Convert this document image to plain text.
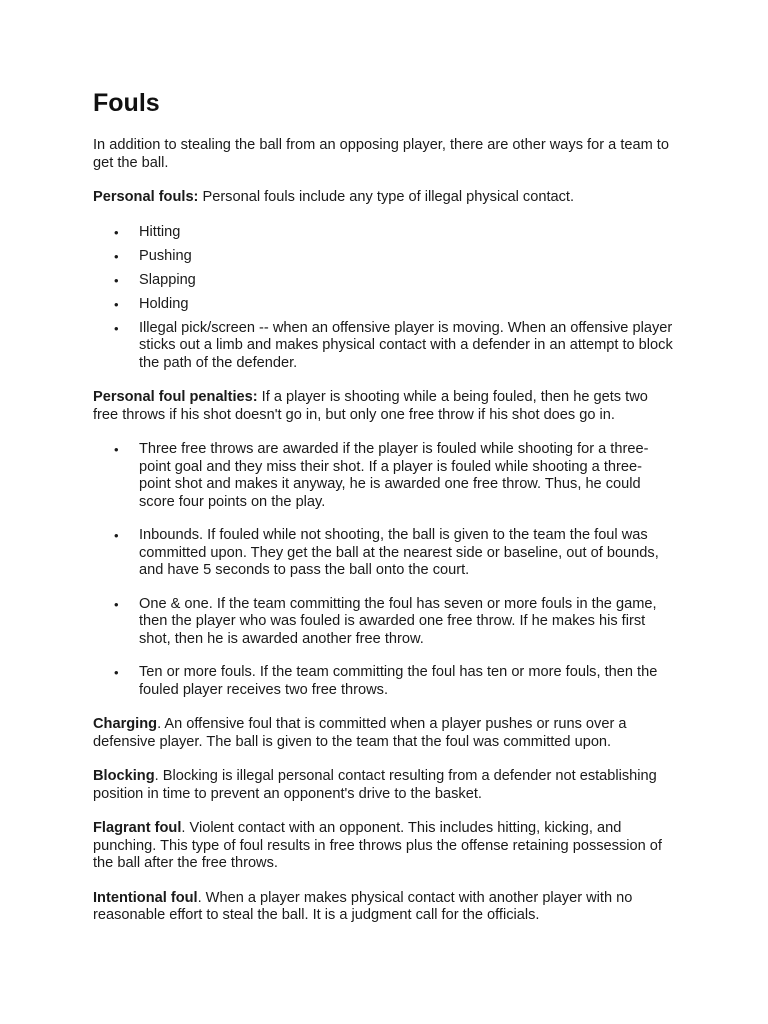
Fouls

In addition to stealing the ball from an opposing player, there are other ways for a team to get the ball.

Personal fouls: Personal fouls include any type of illegal physical contact.

• Hitting
• Pushing
• Slapping
• Holding
• Illegal pick/screen -- when an offensive player is moving. When an offensive player sticks out a limb and makes physical contact with a defender in an attempt to block the path of the defender.

Personal foul penalties: If a player is shooting while a being fouled, then he gets two free throws if his shot doesn't go in, but only one free throw if his shot does go in.

• Three free throws are awarded if the player is fouled while shooting for a three-point goal and they miss their shot. If a player is fouled while shooting a three-point shot and makes it anyway, he is awarded one free throw. Thus, he could score four points on the play.
• Inbounds. If fouled while not shooting, the ball is given to the team the foul was committed upon. They get the ball at the nearest side or baseline, out of bounds, and have 5 seconds to pass the ball onto the court.
• One & one. If the team committing the foul has seven or more fouls in the game, then the player who was fouled is awarded one free throw. If he makes his first shot, then he is awarded another free throw.
• Ten or more fouls. If the team committing the foul has ten or more fouls, then the fouled player receives two free throws.

Charging. An offensive foul that is committed when a player pushes or runs over a defensive player. The ball is given to the team that the foul was committed upon.

Blocking. Blocking is illegal personal contact resulting from a defender not establishing position in time to prevent an opponent's drive to the basket.

Flagrant foul. Violent contact with an opponent. This includes hitting, kicking, and punching. This type of foul results in free throws plus the offense retaining possession of the ball after the free throws.

Intentional foul. When a player makes physical contact with another player with no reasonable effort to steal the ball. It is a judgment call for the officials.
